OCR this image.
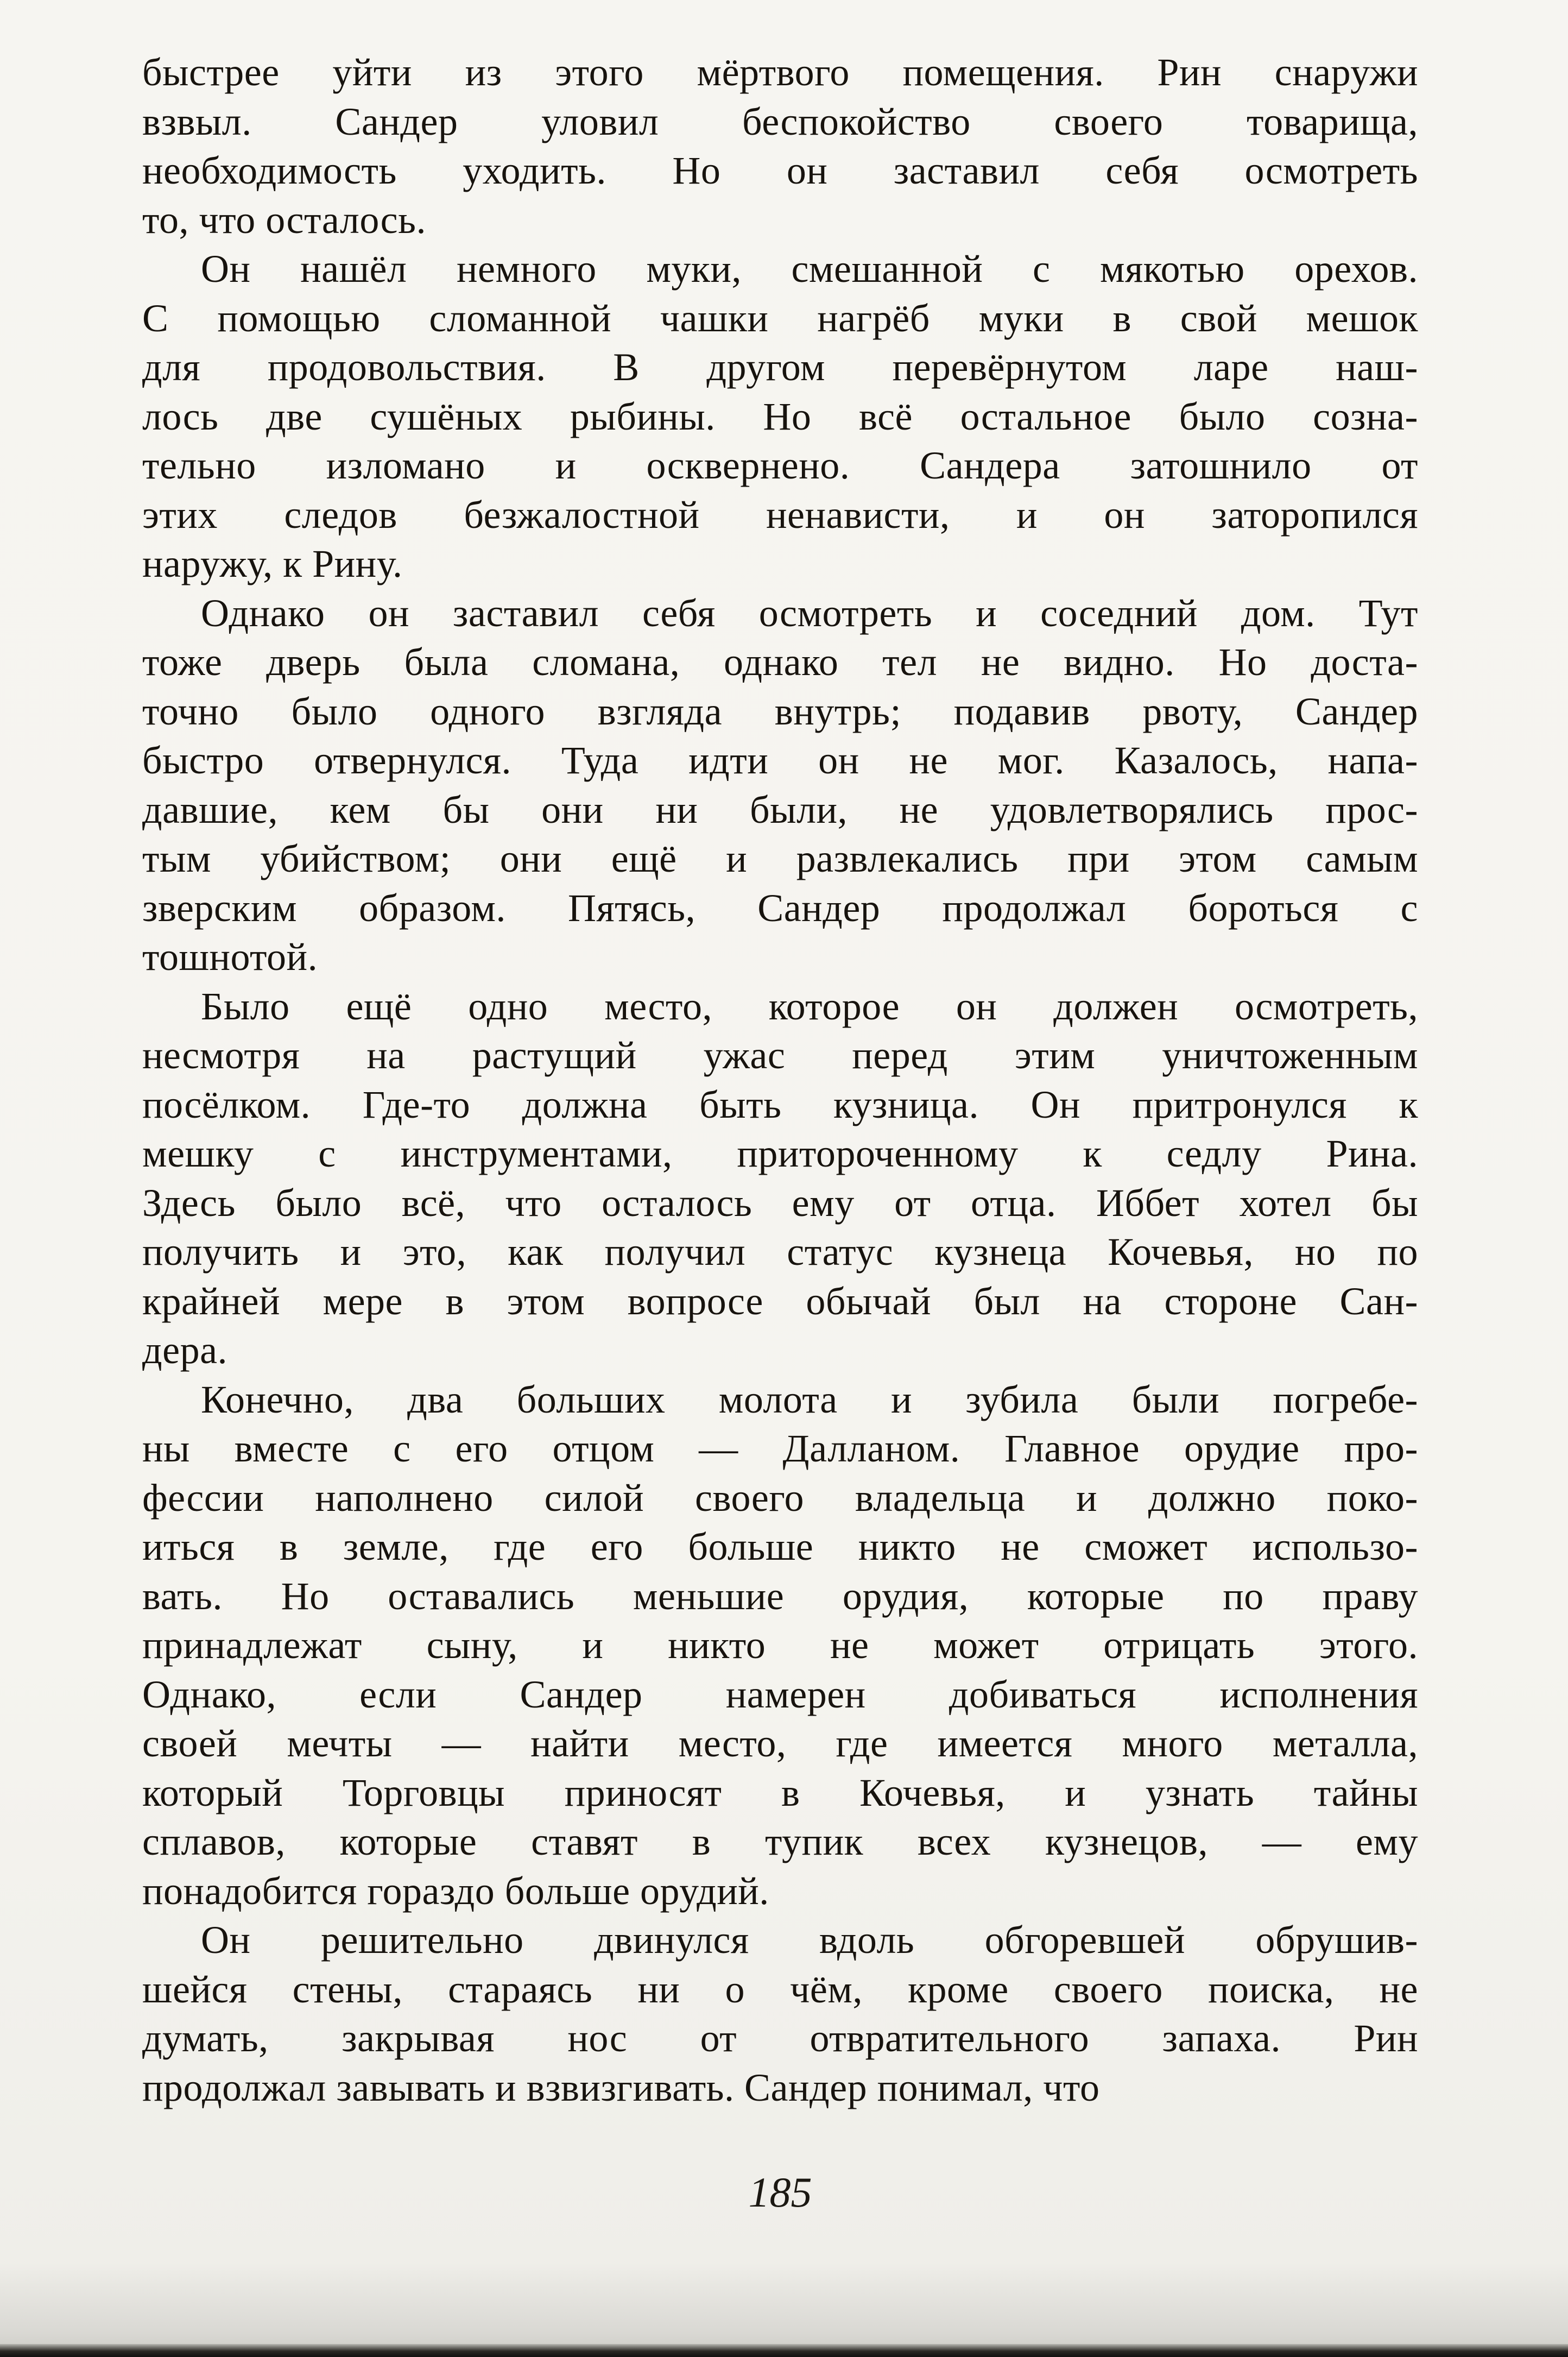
быстрее уйти из этого мёртвого помещения. Рин снаружи
взвыл. Сандер уловил беспокойство своего товарища,
необходимость уходить. Но он заставил себя осмотреть
то, что осталось.
Он нашёл немного муки, смешанной с мякотью орехов.
С помощью сломанной чашки нагрёб муки в свой мешок
для продовольствия. В другом перевёрнутом ларе наш-
лось две сушёных рыбины. Но всё остальное было созна-
тельно изломано и осквернено. Сандера затошнило от
этих следов безжалостной ненависти, и он заторопился
наружу, к Рину.
Однако он заставил себя осмотреть и соседний дом. Тут
тоже дверь была сломана, однако тел не видно. Но доста-
точно было одного взгляда внутрь; подавив рвоту, Сандер
быстро отвернулся. Туда идти он не мог. Казалось, напа-
давшие, кем бы они ни были, не удовлетворялись прос-
тым убийством; они ещё и развлекались при этом самым
зверским образом. Пятясь, Сандер продолжал бороться с
тошнотой.
Было ещё одно место, которое он должен осмотреть,
несмотря на растущий ужас перед этим уничтоженным
посёлком. Где-то должна быть кузница. Он притронулся к
мешку с инструментами, притороченному к седлу Рина.
Здесь было всё, что осталось ему от отца. Иббет хотел бы
получить и это, как получил статус кузнеца Кочевья, но по
крайней мере в этом вопросе обычай был на стороне Сан-
дера.
Конечно, два больших молота и зубила были погребе-
ны вместе с его отцом — Далланом. Главное орудие про-
фессии наполнено силой своего владельца и должно поко-
иться в земле, где его больше никто не сможет использо-
вать. Но оставались меньшие орудия, которые по праву
принадлежат сыну, и никто не может отрицать этого.
Однако, если Сандер намерен добиваться исполнения
своей мечты — найти место, где имеется много металла,
который Торговцы приносят в Кочевья, и узнать тайны
сплавов, которые ставят в тупик всех кузнецов, — ему
понадобится гораздо больше орудий.
Он решительно двинулся вдоль обгоревшей обрушив-
шейся стены, стараясь ни о чём, кроме своего поиска, не
думать, закрывая нос от отвратительного запаха. Рин
продолжал завывать и взвизгивать. Сандер понимал, что
185
